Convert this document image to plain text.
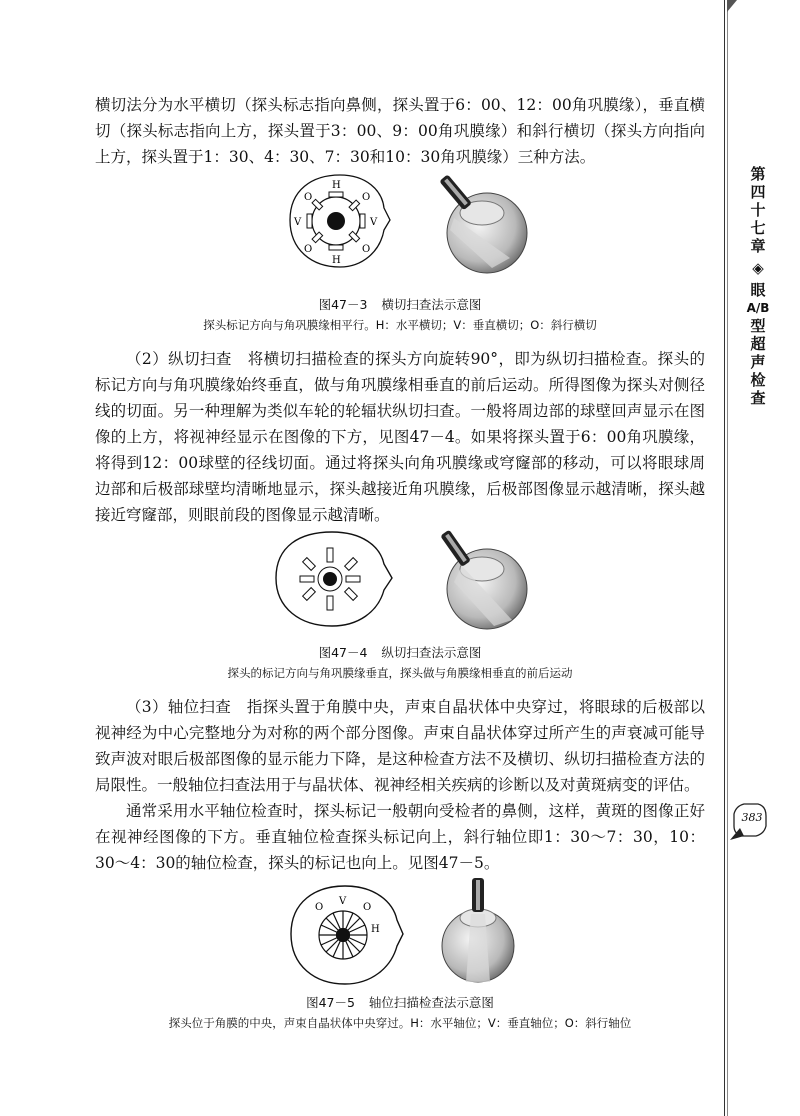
横切法分为水平横切（探头标志指向鼻侧，探头置于6：00、12：00角巩膜缘），垂直横切（探头标志指向上方，探头置于3：00、9：00角巩膜缘）和斜行横切（探头方向指向上方，探头置于1：30、4：30、7：30和10：30角巩膜缘）三种方法。

H
H
V	V
O	O
O	O
图47－3 横切扫查法示意图
探头标记方向与角巩膜缘相平行。H：水平横切；V：垂直横切；O：斜行横切

（2）纵切扫查　将横切扫描检查的探头方向旋转90°，即为纵切扫描检查。探头的标记方向与角巩膜缘始终垂直，做与角巩膜缘相垂直的前后运动。所得图像为探头对侧径线的切面。另一种理解为类似车轮的轮辐状纵切扫查。一般将周边部的球壁回声显示在图像的上方，将视神经显示在图像的下方，见图47－4。如果将探头置于6：00角巩膜缘，将得到12：00球壁的径线切面。通过将探头向角巩膜缘或穹窿部的移动，可以将眼球周边部和后极部球壁均清晰地显示，探头越接近角巩膜缘，后极部图像显示越清晰，探头越接近穹窿部，则眼前段的图像显示越清晰。

图47－4 纵切扫查法示意图
探头的标记方向与角巩膜缘垂直，探头做与角膜缘相垂直的前后运动

（3）轴位扫查　指探头置于角膜中央，声束自晶状体中央穿过，将眼球的后极部以视神经为中心完整地分为对称的两个部分图像。声束自晶状体穿过所产生的声衰减可能导致声波对眼后极部图像的显示能力下降，是这种检查方法不及横切、纵切扫描检查方法的局限性。一般轴位扫查法用于与晶状体、视神经相关疾病的诊断以及对黄斑病变的评估。

通常采用水平轴位检查时，探头标记一般朝向受检者的鼻侧，这样，黄斑的图像正好在视神经图像的下方。垂直轴位检查探头标记向上，斜行轴位即1：30～7：30，10：30～4：30的轴位检查，探头的标记也向上。见图47－5。

V
O	O
H
图47－5 轴位扫描检查法示意图
探头位于角膜的中央，声束自晶状体中央穿过。H：水平轴位；V：垂直轴位；O：斜行轴位
第
四
十
七
章
◈
眼
A/B
型
超
声
检
查
383
